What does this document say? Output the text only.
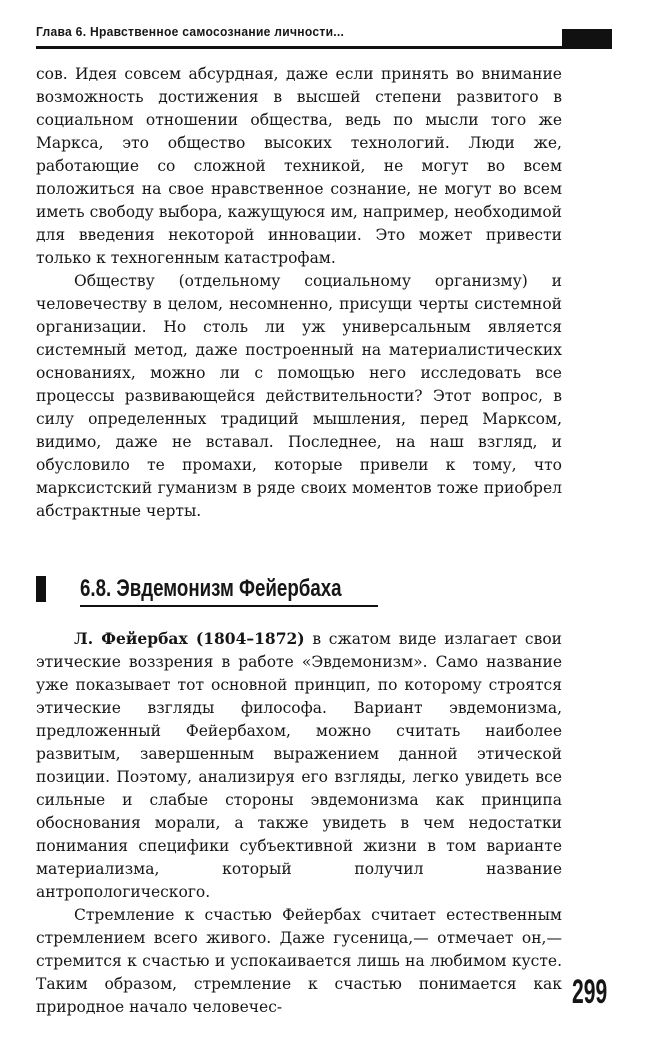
Глава 6. Нравственное самосознание личности...

сов. Идея совсем абсурдная, даже если принять во внимание возможность достижения в высшей степени развитого в социальном отношении общества, ведь по мысли того же Маркса, это общество высоких технологий. Люди же, работающие со сложной техникой, не могут во всем положиться на свое нравственное сознание, не могут во всем иметь свободу выбора, кажущуюся им, например, необходимой для введения некоторой инновации. Это может привести только к техногенным катастрофам.

Обществу (отдельному социальному организму) и человечеству в целом, несомненно, присущи черты системной организации. Но столь ли уж универсальным является системный метод, даже построенный на материалистических основаниях, можно ли с помощью него исследовать все процессы развивающейся действительности? Этот вопрос, в силу определенных традиций мышления, перед Марксом, видимо, даже не вставал. Последнее, на наш взгляд, и обусловило те промахи, которые привели к тому, что марксистский гуманизм в ряде своих моментов тоже приобрел абстрактные черты.

6.8. Эвдемонизм Фейербаха

Л. Фейербах (1804–1872) в сжатом виде излагает свои этические воззрения в работе «Эвдемонизм». Само название уже показывает тот основной принцип, по которому строятся этические взгляды философа. Вариант эвдемонизма, предложенный Фейербахом, можно считать наиболее развитым, завершенным выражением данной этической позиции. Поэтому, анализируя его взгляды, легко увидеть все сильные и слабые стороны эвдемонизма как принципа обоснования морали, а также увидеть в чем недостатки понимания специфики субъективной жизни в том варианте материализма, который получил название антропологического.

Стремление к счастью Фейербах считает естественным стремлением всего живого. Даже гусеница,— отмечает он,— стремится к счастью и успокаивается лишь на любимом кусте. Таким образом, стремление к счастью понимается как природное начало человечес-	299
